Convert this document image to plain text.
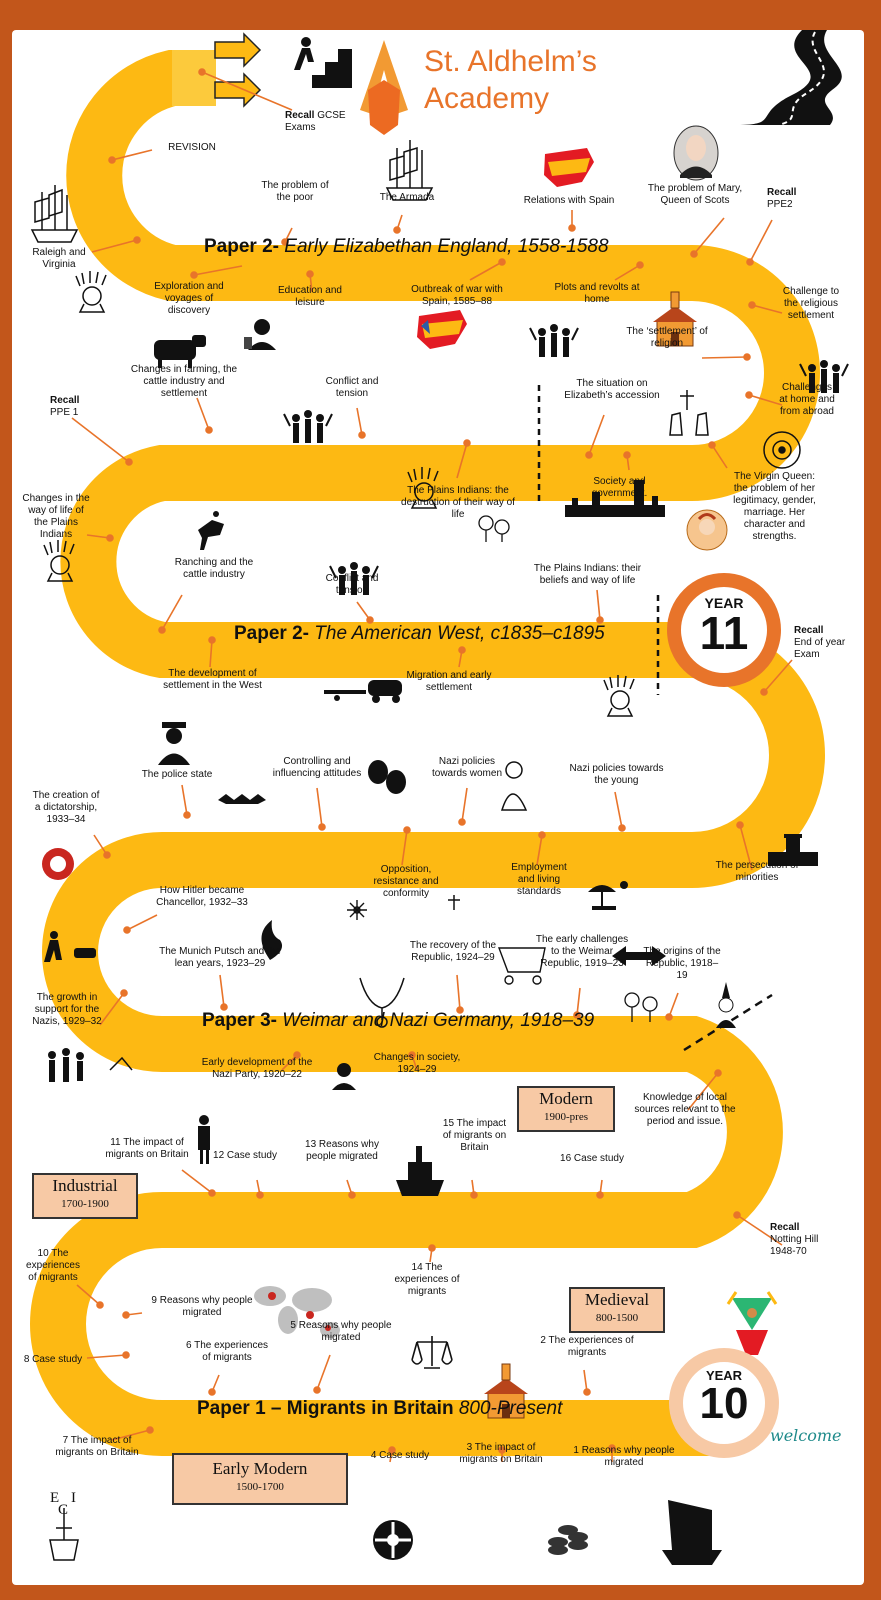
St. Aldhelm’s
Academy
Paper 2- Early Elizabethan England, 1558-1588
Paper 2- The American West, c1835–c1895
Paper 3- Weimar and Nazi Germany, 1918–39
Paper 1 – Migrants in Britain 800-Present
YEAR
11
YEAR
10
welcome
E I C
Modern
1900-pres
Industrial
1700-1900
Medieval
800-1500
Early Modern
1500-1700
Recall GCSE Exams
Recall
PPE2
Recall
PPE 1
Recall
End of year Exam
Recall
Notting Hill 1948-70
REVISION
The problem of the poor	The Armada	Relations with Spain
The problem of Mary, Queen of Scots
Raleigh and Virginia
Exploration and voyages of discovery
Education and leisure
Outbreak of war with Spain, 1585–88
Plots and revolts at home
Challenge to the religious settlement
The ‘settlement’ of religion
The situation on Elizabeth’s accession
Challenges at home and from abroad
Society and government.
The Virgin Queen: the problem of her legitimacy, gender, marriage. Her character and strengths.
Changes in farming, the cattle industry and settlement
Conflict and tension
Changes in the way of life of the Plains Indians
The Plains Indians: the destruction of their way of life
Ranching and the cattle industry	Conflict and tension
The Plains Indians: their beliefs and way of life
The development of settlement in the West
Migration and early settlement
The police state
Controlling and influencing attitudes
Nazi policies towards women	Nazi policies towards the young
The creation of a dictatorship, 1933–34
The persecution of minorities
Opposition, resistance and conformity
Employment and living standards
How Hitler became Chancellor, 1932–33
The Munich Putsch and the lean years, 1923–29
The recovery of the Republic, 1924–29
The early challenges to the Weimar Republic, 1919–23
The origins of the Republic, 1918–19
The growth in support for the Nazis, 1929–32
Early development of the Nazi Party, 1920–22
Changes in society, 1924–29
Knowledge of local sources relevant to the period and issue.
11 The impact of migrants on Britain	12 Case study
13 Reasons why people migrated
15 The impact of migrants on Britain
16 Case study
10 The experiences of migrants
14 The experiences of migrants
9 Reasons why people migrated
5 Reasons why people migrated
6 The experiences of migrants
2 The experiences of migrants
8 Case study
7 The impact of migrants on Britain	4 Case study
3 The impact of migrants on Britain
1 Reasons why people migrated
